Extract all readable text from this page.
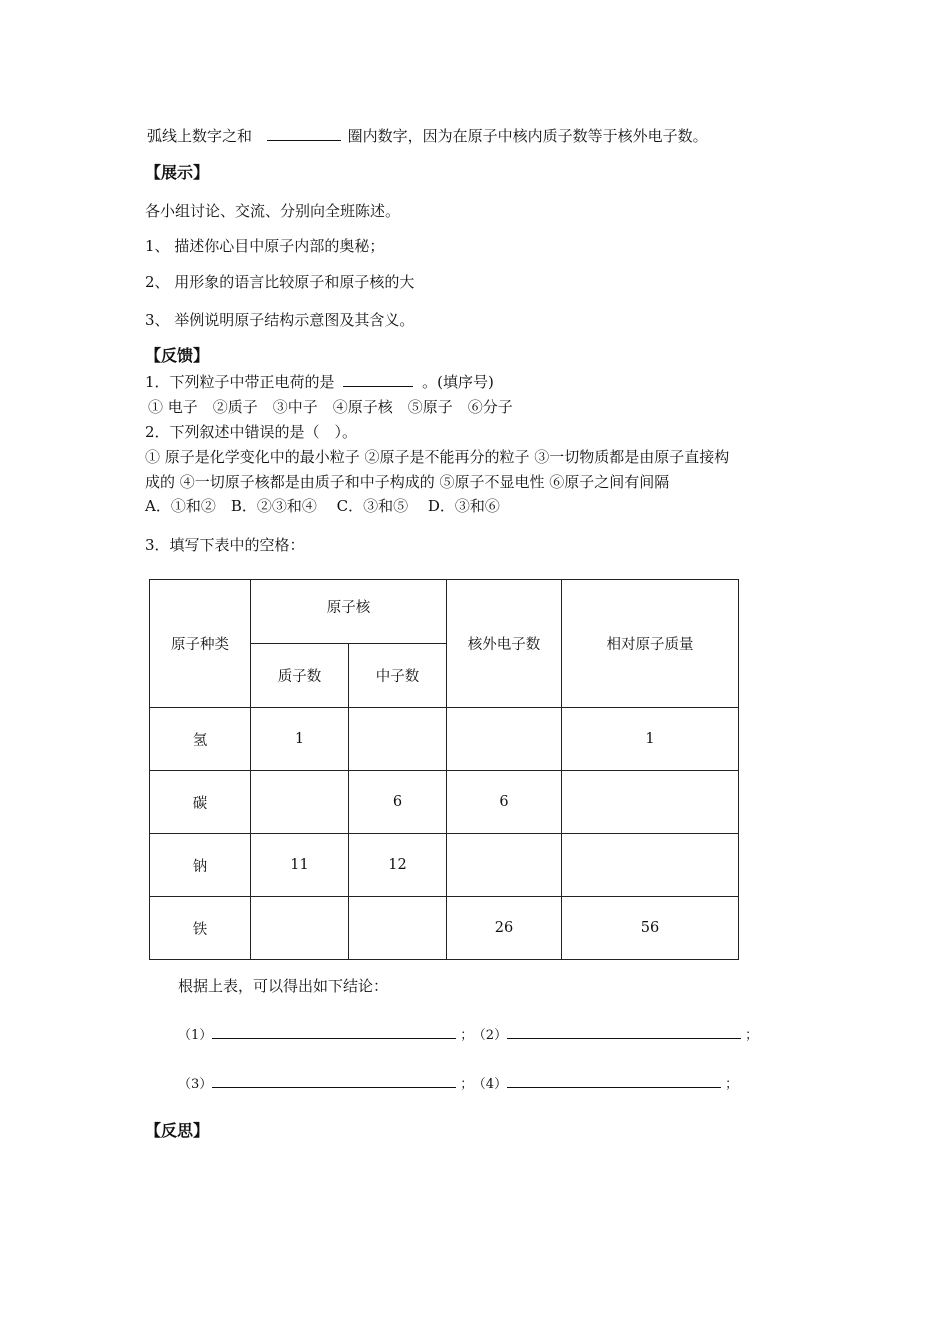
弧线上数字之和	圈内数字，因为在原子中核内质子数等于核外电子数。
【展示】
各小组讨论、交流、分别向全班陈述。
1、 描述你心目中原子内部的奥秘；
2、 用形象的语言比较原子和原子核的大
3、 举例说明原子结构示意图及其含义。
【反馈】
1．下列粒子中带正电荷的是	。(填序号)
① 电子　②质子　③中子　④原子核　⑤原子　⑥分子
2．下列叙述中错误的是（　）。
① 原子是化学变化中的最小粒子 ②原子是不能再分的粒子 ③一切物质都是由原子直接构
成的 ④一切原子核都是由质子和中子构成的 ⑤原子不显电性 ⑥原子之间有间隔
A．①和②　B．②③和④　 C．③和⑤　 D．③和⑥
3．填写下表中的空格：
原子种类	原子核		核外电子数	相对原子质量
	质子数	中子数		
氢	1			1
碳		6	6	
钠	11	12		
铁			26	56
根据上表，可以得出如下结论：
（1）	； （2）	；
（3）	； （4）	；
【反思】
